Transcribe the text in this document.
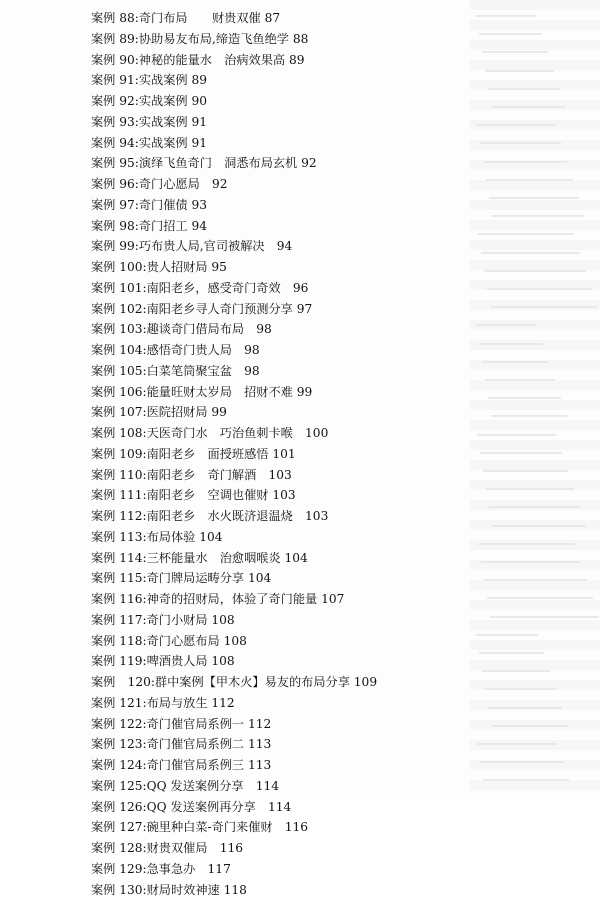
案例 88:奇门布局　　财贵双催 87
案例 89:协助易友布局,缔造飞鱼绝学 88
案例 90:神秘的能量水　治病效果高 89
案例 91:实战案例 89
案例 92:实战案例 90
案例 93:实战案例 91
案例 94:实战案例 91
案例 95:演绎飞鱼奇门　洞悉布局玄机 92
案例 96:奇门心愿局　92
案例 97:奇门催债 93
案例 98:奇门招工 94
案例 99:巧布贵人局,官司被解决　94
案例 100:贵人招财局 95
案例 101:南阳老乡，感受奇门奇效　96
案例 102:南阳老乡寻人奇门预测分享 97
案例 103:趣谈奇门借局布局　98
案例 104:感悟奇门贵人局　98
案例 105:白菜笔筒聚宝盆　98
案例 106:能量旺财太岁局　招财不难 99
案例 107:医院招财局 99
案例 108:天医奇门水　巧治鱼刺卡喉　100
案例 109:南阳老乡　面授班感悟 101
案例 110:南阳老乡　奇门解酒　103
案例 111:南阳老乡　空调也催财 103
案例 112:南阳老乡　水火既济退温烧　103
案例 113:布局体验 104
案例 114:三杯能量水　治愈咽喉炎 104
案例 115:奇门牌局运畴分享 104
案例 116:神奇的招财局，体验了奇门能量 107
案例 117:奇门小财局 108
案例 118:奇门心愿布局 108
案例 119:啤酒贵人局 108
案例　120:群中案例【甲木火】易友的布局分享 109
案例 121:布局与放生 112
案例 122:奇门催官局系例一 112
案例 123:奇门催官局系例二 113
案例 124:奇门催官局系例三 113
案例 125:QQ 发送案例分享　114
案例 126:QQ 发送案例再分享　114
案例 127:碗里种白菜-奇门来催财　116
案例 128:财贵双催局　116
案例 129:急事急办　117
案例 130:财局时效神速 118
